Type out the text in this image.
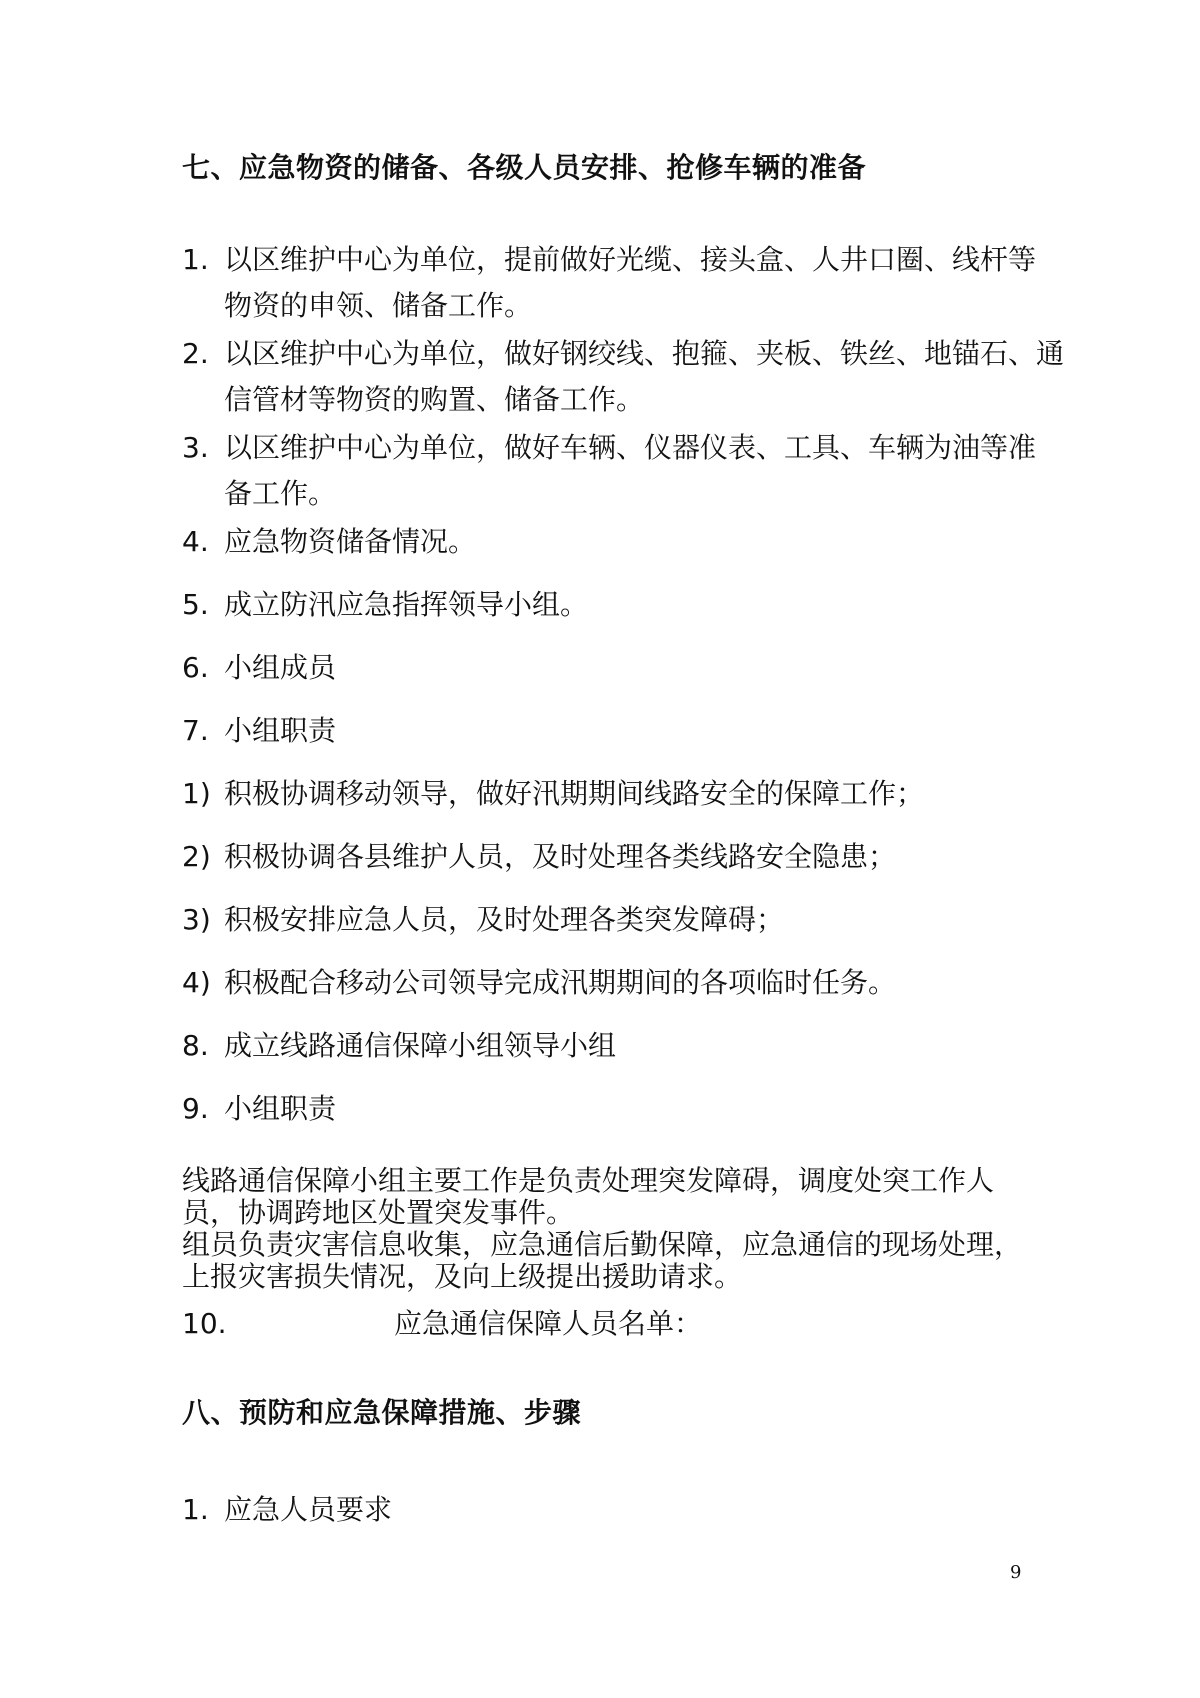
七、应急物资的储备、各级人员安排、抢修车辆的准备
1. 以区维护中心为单位，提前做好光缆、接头盒、人井口圈、线杆等
物资的申领、储备工作。
2. 以区维护中心为单位，做好钢绞线、抱箍、夹板、铁丝、地锚石、通
信管材等物资的购置、储备工作。
3. 以区维护中心为单位，做好车辆、仪器仪表、工具、车辆为油等准
备工作。
4. 应急物资储备情况。
5. 成立防汛应急指挥领导小组。
6. 小组成员
7. 小组职责
1) 积极协调移动领导，做好汛期期间线路安全的保障工作；
2) 积极协调各县维护人员，及时处理各类线路安全隐患；
3) 积极安排应急人员，及时处理各类突发障碍；
4) 积极配合移动公司领导完成汛期期间的各项临时任务。
8. 成立线路通信保障小组领导小组
9. 小组职责
线路通信保障小组主要工作是负责处理突发障碍，调度处突工作人
员，协调跨地区处置突发事件。
组员负责灾害信息收集，应急通信后勤保障，应急通信的现场处理，
上报灾害损失情况，及向上级提出援助请求。
10.	应急通信保障人员名单：
八、预防和应急保障措施、步骤
1. 应急人员要求
9
